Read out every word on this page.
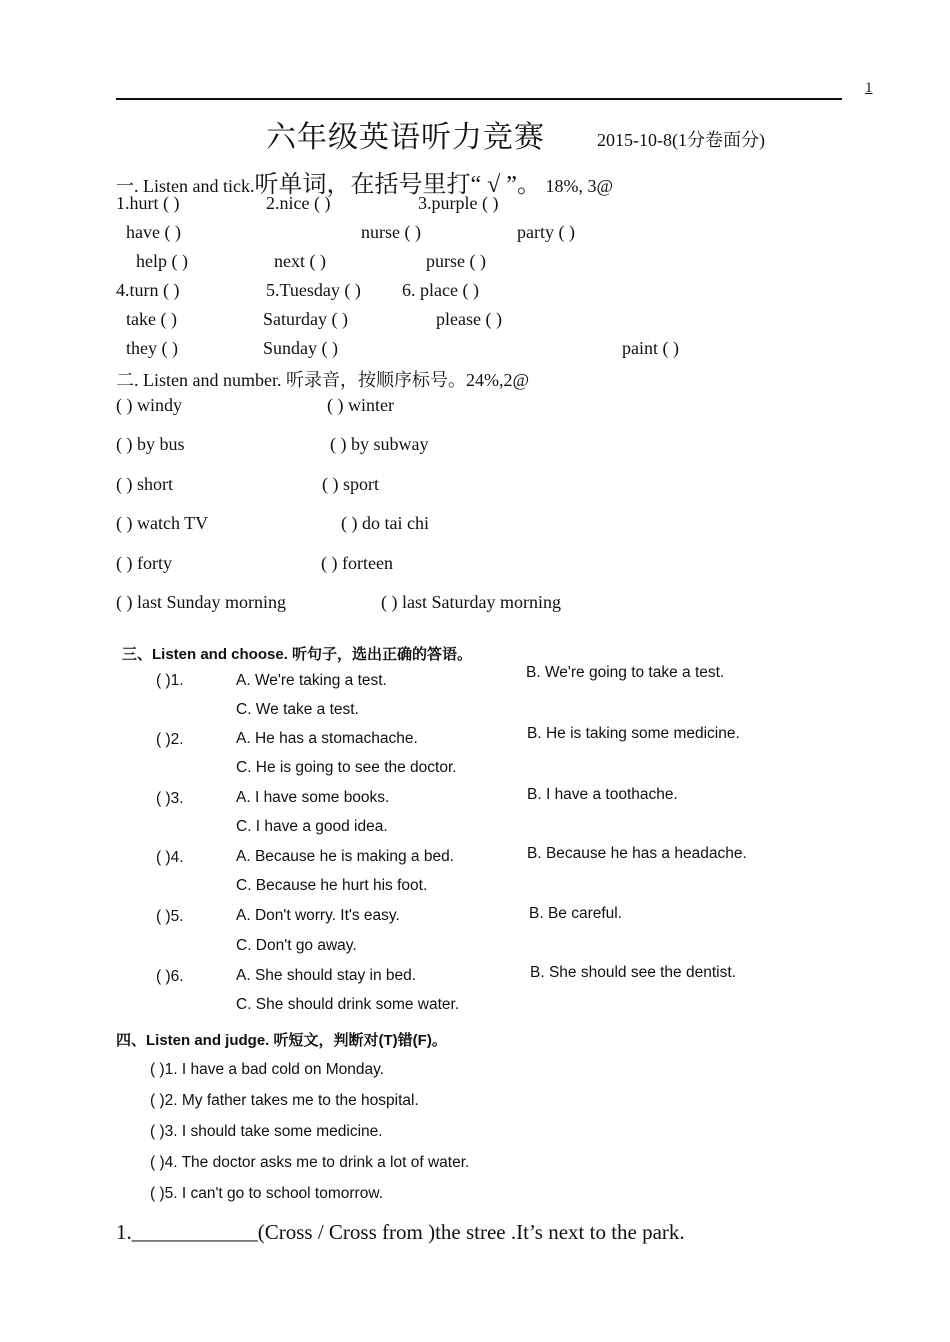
1
六年级英语听力竞赛	2015-10-8(1分卷面分)
一. Listen and tick.听单词，在括号里打“ √ ”。 18%, 3@
1.hurt ( )	2.nice ( )	3.purple ( )
have ( )	nurse ( )	party ( )
help ( )	next ( )	purse ( )
4.turn ( )	5.Tuesday ( ) 6. place ( )
take ( )	Saturday ( )	please ( )
they ( )	Sunday ( )	paint ( )
二. Listen and number. 听录音，按顺序标号。24%,2@
( ) windy	( ) winter
( ) by bus	( ) by subway
( ) short	( ) sport
( ) watch TV	( ) do tai chi
( ) forty	( ) forteen
( ) last Sunday morning	( ) last Saturday morning
三、Listen and choose. 听句子，选出正确的答语。
( )1.	A. We're taking a test.	B. We're going to take a test.
C. We take a test.
( )2.	A. He has a stomachache.	B. He is taking some medicine.
C. He is going to see the doctor.
( )3.	A. I have some books.	B. I have a toothache.
C. I have a good idea.
( )4.	A. Because he is making a bed.	B. Because he has a headache.
C. Because he hurt his foot.
( )5.	A. Don't worry. It's easy.	B. Be careful.
C. Don't go away.
( )6.	A. She should stay in bed.	B. She should see the dentist.
C. She should drink some water.
四、Listen and judge. 听短文，判断对(T)错(F)。
( )1. I have a bad cold on Monday.
( )2. My father takes me to the hospital.
( )3. I should take some medicine.
( )4. The doctor asks me to drink a lot of water.
( )5. I can't go to school tomorrow.
1.____________(Cross / Cross from )the stree .It’s next to the park.
